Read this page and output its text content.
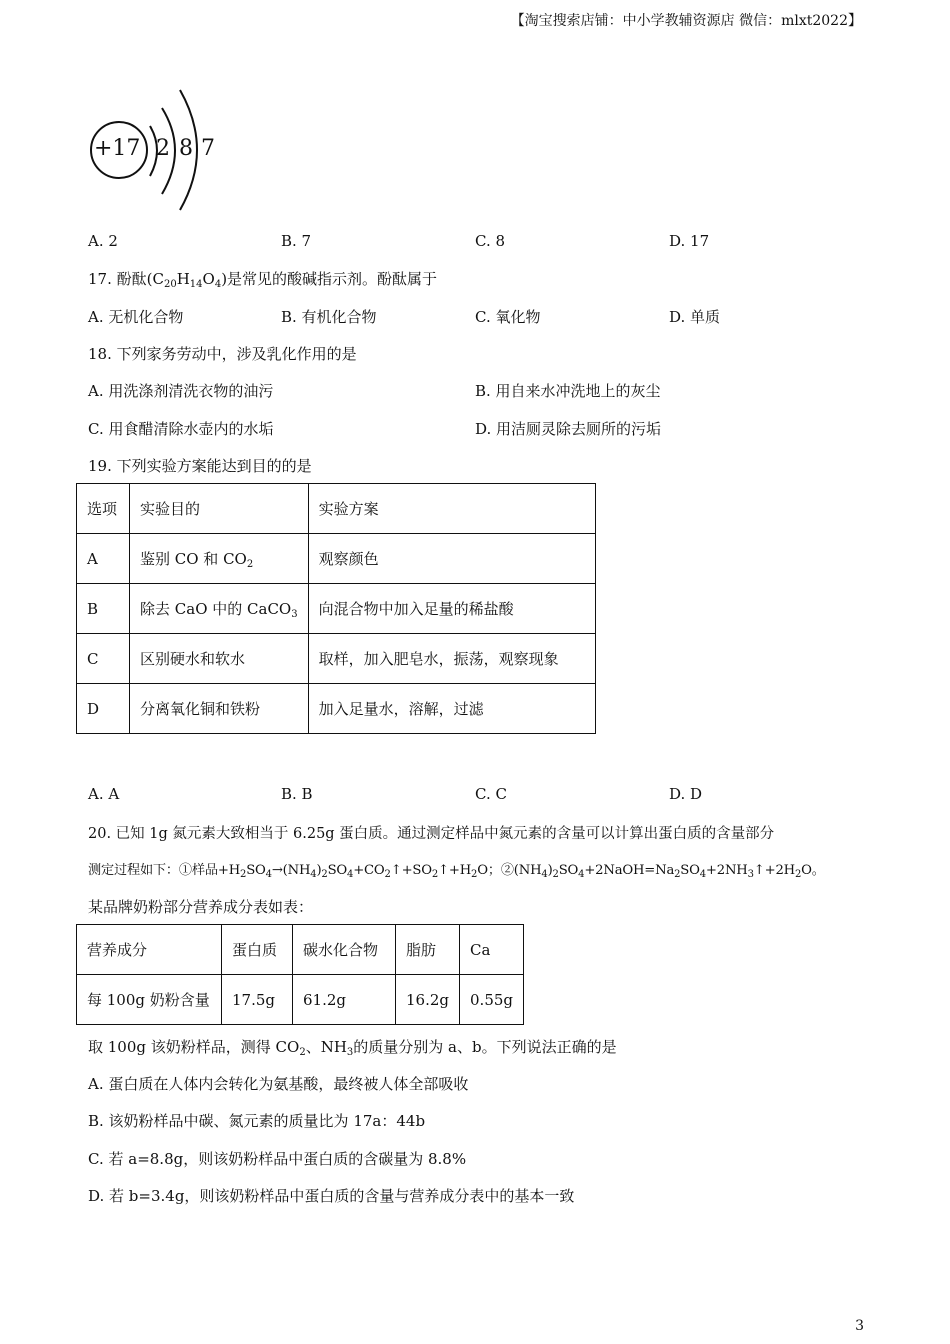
【淘宝搜索店铺：中小学教辅资源店 微信：mlxt2022】
+17 2 8 7
A. 2	B. 7	C. 8	D. 17
17. 酚酞$(C_{20}H_{14}O_4)$是常见的酸碱指示剂。酚酞属于
A. 无机化合物	B. 有机化合物	C. 氧化物	D. 单质
18. 下列家务劳动中，涉及乳化作用的是
A. 用洗涤剂清洗衣物的油污	B. 用自来水冲洗地上的灰尘
C. 用食醋清除水壶内的水垢	D. 用洁厕灵除去厕所的污垢
19. 下列实验方案能达到目的的是
选项	实验目的	实验方案
A	鉴别 CO 和 $CO_2$	观察颜色
B	除去 CaO 中的 CaCO$_3$	向混合物中加入足量的稀盐酸
C	区别硬水和软水	取样，加入肥皂水，振荡，观察现象
D	分离氧化铜和铁粉	加入足量水，溶解，过滤
A. A	B. B	C. C	D. D
20. 已知 1g 氮元素大致相当于 6.25g 蛋白质。通过测定样品中氮元素的含量可以计算出蛋白质的含量部分
测定过程如下：①样品$+H_2SO_4\to(NH_4)_2SO_4+CO_2↑+SO_2↑+H_2O$；$②(NH_4)_2SO_4+2NaOH=Na_2SO_4+2NH_3↑+2H_2O$。
某品牌奶粉部分营养成分表如表：
营养成分	蛋白质	碳水化合物	脂肪	Ca
每 100g 奶粉含量	17.5g	61.2g	16.2g	0.55g
取 100g 该奶粉样品，测得 $CO_2$、$NH_3$的质量分别为 a、b。下列说法正确的是
A. 蛋白质在人体内会转化为氨基酸，最终被人体全部吸收
B. 该奶粉样品中碳、氮元素的质量比为 17a：44b
C. 若 a=8.8g，则该奶粉样品中蛋白质的含碳量为 8.8%
D. 若 b=3.4g，则该奶粉样品中蛋白质的含量与营养成分表中的基本一致
3
